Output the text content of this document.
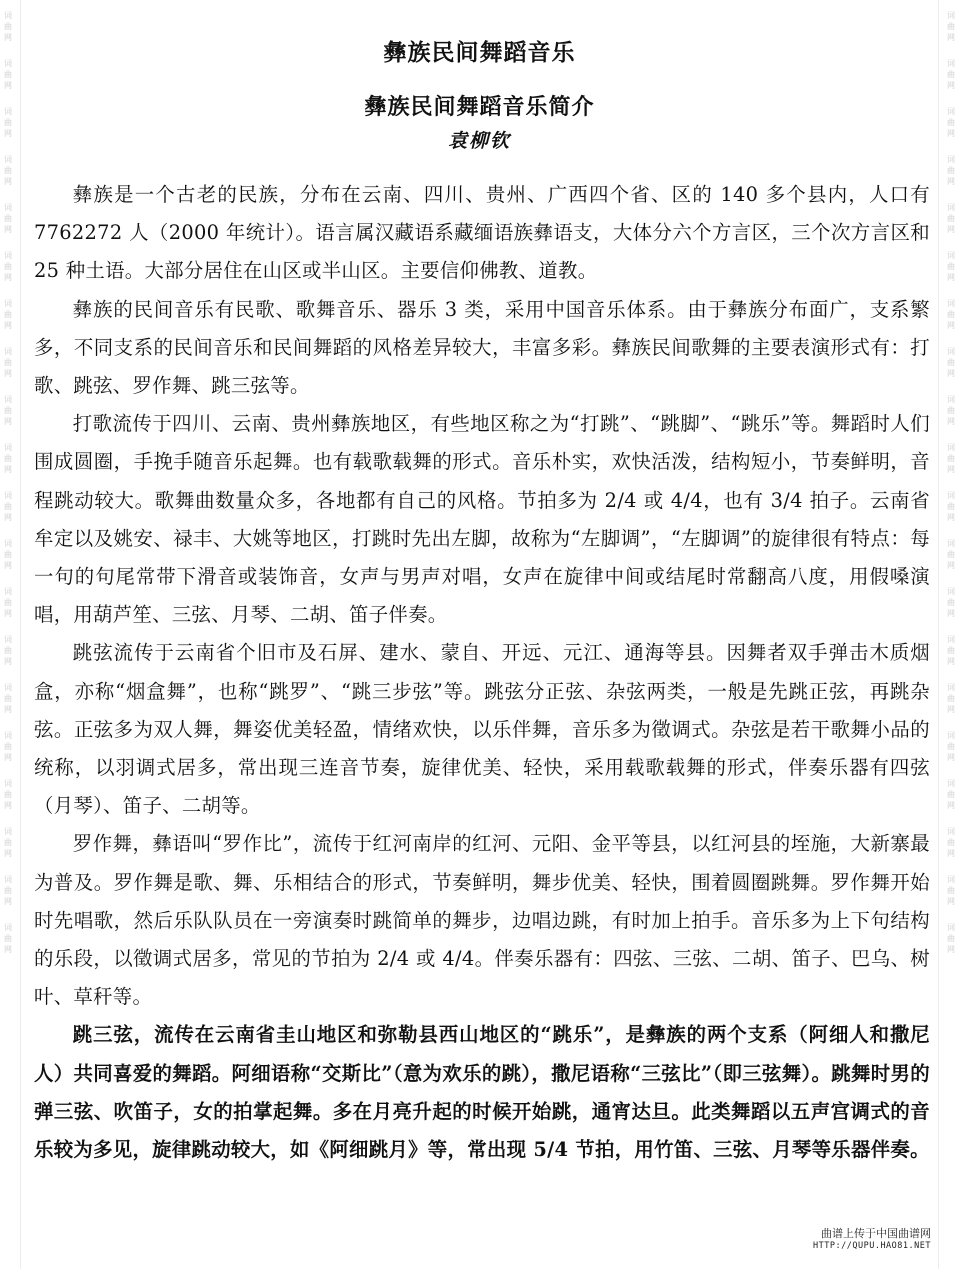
词
曲
网
词
曲
网
词
曲
网
词
曲
网
词
曲
网
词
曲
网
词
曲
网
词
曲
网
词
曲
网
词
曲
网
词
曲
网
词
曲
网
词
曲
网
词
曲
网
词
曲
网
词
曲
网
词
曲
网
词
曲
网
词
曲
网
词
曲
网
词
曲
网
词
曲
网
词
曲
网
词
曲
网
词
曲
网
词
曲
网
词
曲
网
词
曲
网
词
曲
网
词
曲
网
词
曲
网
词
曲
网
词
曲
网
词
曲
网
词
曲
网
词
曲
网
词
曲
网
词
曲
网
词
曲
网
词
曲
网
彝族民间舞蹈音乐
彝族民间舞蹈音乐简介
袁柳钦

彝族是一个古老的民族，分布在云南、四川、贵州、广西四个省、区的 140 多个县内，人口有 7762272 人（2000 年统计）。语言属汉藏语系藏缅语族彝语支，大体分六个方言区，三个次方言区和 25 种土语。大部分居住在山区或半山区。主要信仰佛教、道教。

彝族的民间音乐有民歌、歌舞音乐、器乐 3 类，采用中国音乐体系。由于彝族分布面广，支系繁多，不同支系的民间音乐和民间舞蹈的风格差异较大，丰富多彩。彝族民间歌舞的主要表演形式有：打歌、跳弦、罗作舞、跳三弦等。

打歌流传于四川、云南、贵州彝族地区，有些地区称之为“打跳”、“跳脚”、“跳乐”等。舞蹈时人们围成圆圈，手挽手随音乐起舞。也有载歌载舞的形式。音乐朴实，欢快活泼，结构短小，节奏鲜明，音程跳动较大。歌舞曲数量众多，各地都有自己的风格。节拍多为 2/4 或 4/4，也有 3/4 拍子。云南省牟定以及姚安、禄丰、大姚等地区，打跳时先出左脚，故称为“左脚调”，“左脚调”的旋律很有特点：每一句的句尾常带下滑音或装饰音，女声与男声对唱，女声在旋律中间或结尾时常翻高八度，用假嗓演唱，用葫芦笙、三弦、月琴、二胡、笛子伴奏。

跳弦流传于云南省个旧市及石屏、建水、蒙自、开远、元江、通海等县。因舞者双手弹击木质烟盒，亦称“烟盒舞”，也称“跳罗”、“跳三步弦”等。跳弦分正弦、杂弦两类，一般是先跳正弦，再跳杂弦。正弦多为双人舞，舞姿优美轻盈，情绪欢快，以乐伴舞，音乐多为徵调式。杂弦是若干歌舞小品的统称，以羽调式居多，常出现三连音节奏，旋律优美、轻快，采用载歌载舞的形式，伴奏乐器有四弦（月琴）、笛子、二胡等。

罗作舞，彝语叫“罗作比”，流传于红河南岸的红河、元阳、金平等县，以红河县的垤施，大新寨最为普及。罗作舞是歌、舞、乐相结合的形式，节奏鲜明，舞步优美、轻快，围着圆圈跳舞。罗作舞开始时先唱歌，然后乐队队员在一旁演奏时跳简单的舞步，边唱边跳，有时加上拍手。音乐多为上下句结构的乐段，以徵调式居多，常见的节拍为 2/4 或 4/4。伴奏乐器有：四弦、三弦、二胡、笛子、巴乌、树叶、草秆等。

跳三弦，流传在云南省圭山地区和弥勒县西山地区的“跳乐”，是彝族的两个支系（阿细人和撒尼人）共同喜爱的舞蹈。阿细语称“交斯比”（意为欢乐的跳），撒尼语称“三弦比”（即三弦舞）。跳舞时男的弹三弦、吹笛子，女的拍掌起舞。多在月亮升起的时候开始跳，通宵达旦。此类舞蹈以五声宫调式的音乐较为多见，旋律跳动较大，如《阿细跳月》等，常出现 5/4 节拍，用竹笛、三弦、月琴等乐器伴奏。

曲谱上传于中国曲谱网
HTTP://QUPU.HAO81.NET
